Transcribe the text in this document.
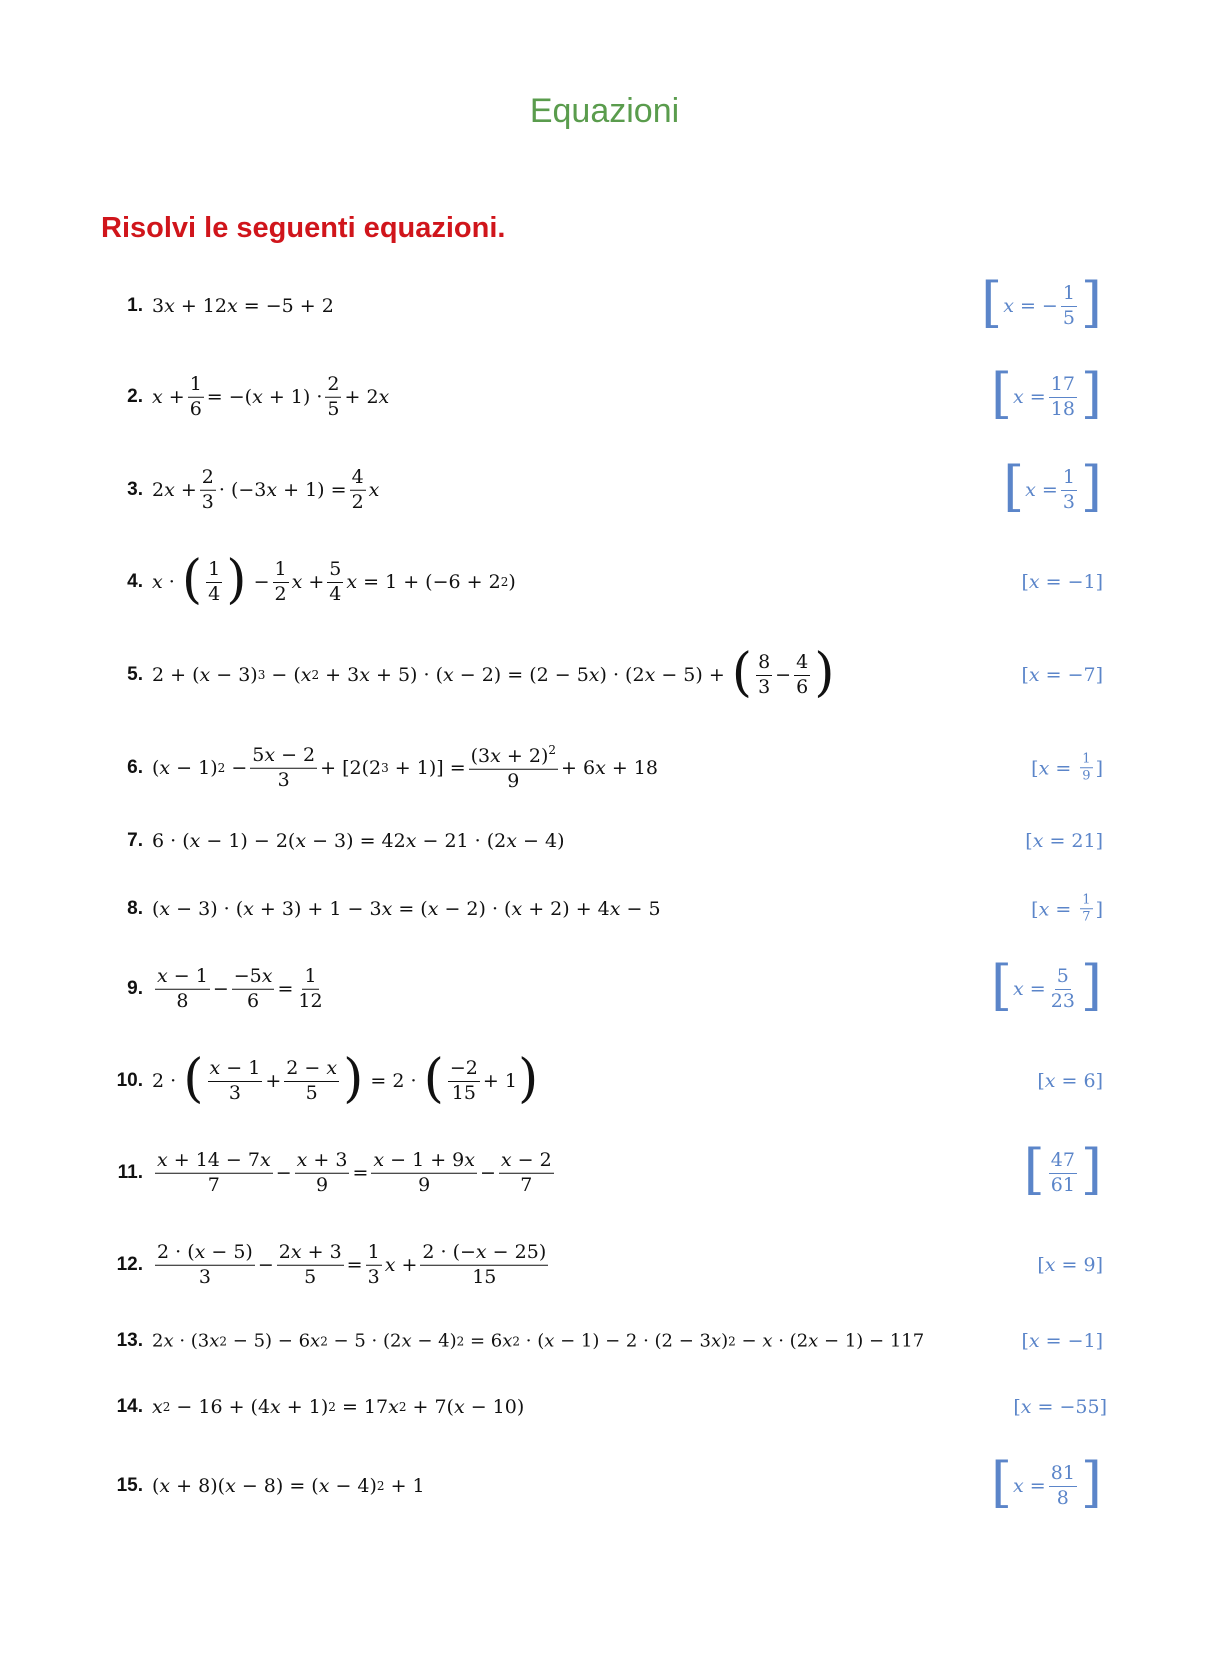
Equazioni
Risolvi le seguenti equazioni.
1. 3 x + 12 x = −5 + 2	[ x = −
1
5 ]
2. x +
1
6
= −( x + 1) ·
2
5
+ 2 x	[ x =
17
18 ]
3. 2 x +
2
3
· (−3 x + 1) =
4
2
x	[ x =
1
3 ]
4. x · ( 1
4 ) −
1
2
x +
5
4
x = 1 + (−6 + 2 2 )	[ x = −1]
5. 2 + ( x − 3) 3 − ( x 2 + 3 x + 5) · ( x − 2) = (2 − 5 x ) · (2 x − 5) + ( 8
3
−
4
6 )	[ x = −7]
6. ( x − 1) 2 −
5x − 2
3
+ [2(2 3 + 1)] =
$(3x + 2)^2$
9
+ 6 x + 18	[ x = 1
9 ]
7. 6 · ( x − 1) − 2( x − 3) = 42 x − 21 · (2 x − 4)	[ x = 21]
8. ( x − 3) · ( x + 3) + 1 − 3 x = ( x − 2) · ( x + 2) + 4 x − 5	[ x = 1
7 ]
9.
x − 1
8
−
−5x
6
=
1
12	[ x =
5
23 ]
10. 2 · ( x − 1
3
+
2 − x
5 ) = 2 · ( −2
15
+ 1 )	[ x = 6]
11.
x + 14 − 7x
7
−
x + 3
9
=
x − 1 + 9x
9
−
x − 2
7	[ 47
61 ]
12.
2 · (x − 5)
3
−
2x + 3
5
=
1
3
x +
2 · (−x − 25)
15
[ x = 9]
13. 2 x · (3 x 2 − 5) − 6 x 2 − 5 · (2 x − 4) 2 = 6 x 2 · ( x − 1) − 2 · (2 − 3 x ) 2 − x · (2 x − 1) − 117	[ x = −1]
14. x 2 − 16 + (4 x + 1) 2 = 17 x 2 + 7( x − 10)	[ x = −55]
15. ( x + 8)( x − 8) = ( x − 4) 2 + 1	[ x =
81
8 ]
